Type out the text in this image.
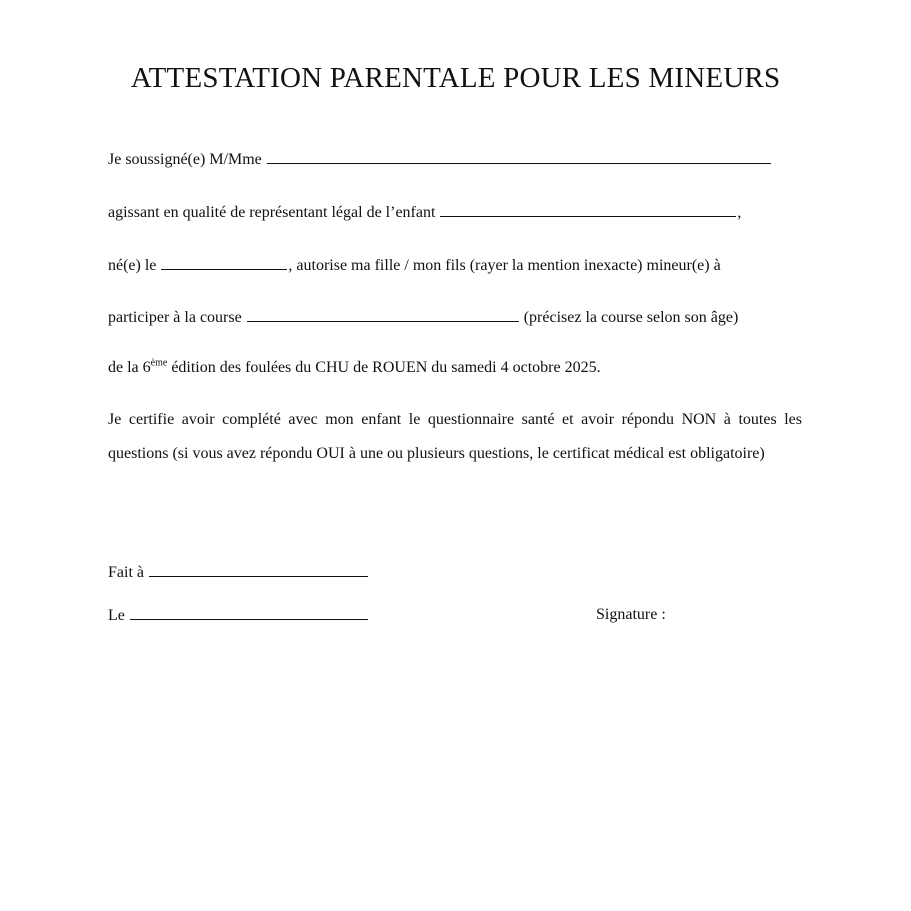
ATTESTATION PARENTALE POUR LES MINEURS
Je soussigné(e) M/Mme
agissant en qualité de représentant légal de l’enfant	,
né(e) le	, autorise ma fille / mon fils (rayer la mention inexacte) mineur(e) à
participer à la course	(précisez la course selon son âge)
de la 6ème édition des foulées du CHU de ROUEN du samedi 4 octobre 2025.
Je certifie avoir complété avec mon enfant le questionnaire santé et avoir répondu NON à toutes les questions (si vous avez répondu OUI à une ou plusieurs questions, le certificat médical est obligatoire)
Fait à
Le	Signature :
